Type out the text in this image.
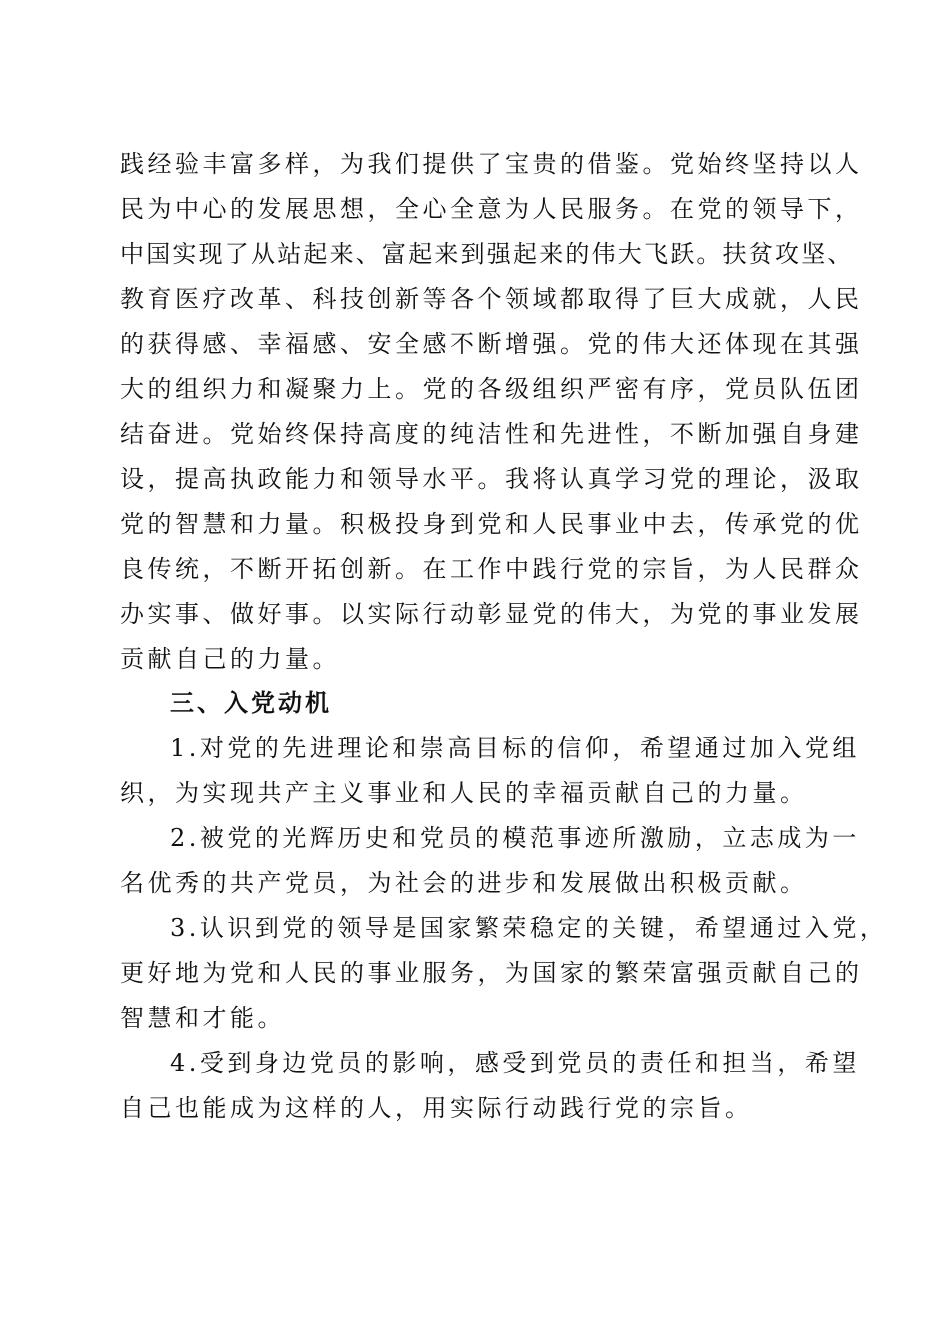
践经验丰富多样，为我们提供了宝贵的借鉴。党始终坚持以人
民为中心的发展思想，全心全意为人民服务。在党的领导下，
中国实现了从站起来、富起来到强起来的伟大飞跃。扶贫攻坚、
教育医疗改革、科技创新等各个领域都取得了巨大成就，人民
的获得感、幸福感、安全感不断增强。党的伟大还体现在其强
大的组织力和凝聚力上。党的各级组织严密有序，党员队伍团
结奋进。党始终保持高度的纯洁性和先进性，不断加强自身建
设，提高执政能力和领导水平。我将认真学习党的理论，汲取
党的智慧和力量。积极投身到党和人民事业中去，传承党的优
良传统，不断开拓创新。在工作中践行党的宗旨，为人民群众
办实事、做好事。以实际行动彰显党的伟大，为党的事业发展
贡献自己的力量。
三、入党动机
1.对党的先进理论和崇高目标的信仰，希望通过加入党组
织，为实现共产主义事业和人民的幸福贡献自己的力量。
2.被党的光辉历史和党员的模范事迹所激励，立志成为一
名优秀的共产党员，为社会的进步和发展做出积极贡献。
3.认识到党的领导是国家繁荣稳定的关键，希望通过入党，
更好地为党和人民的事业服务，为国家的繁荣富强贡献自己的
智慧和才能。
4.受到身边党员的影响，感受到党员的责任和担当，希望
自己也能成为这样的人，用实际行动践行党的宗旨。
